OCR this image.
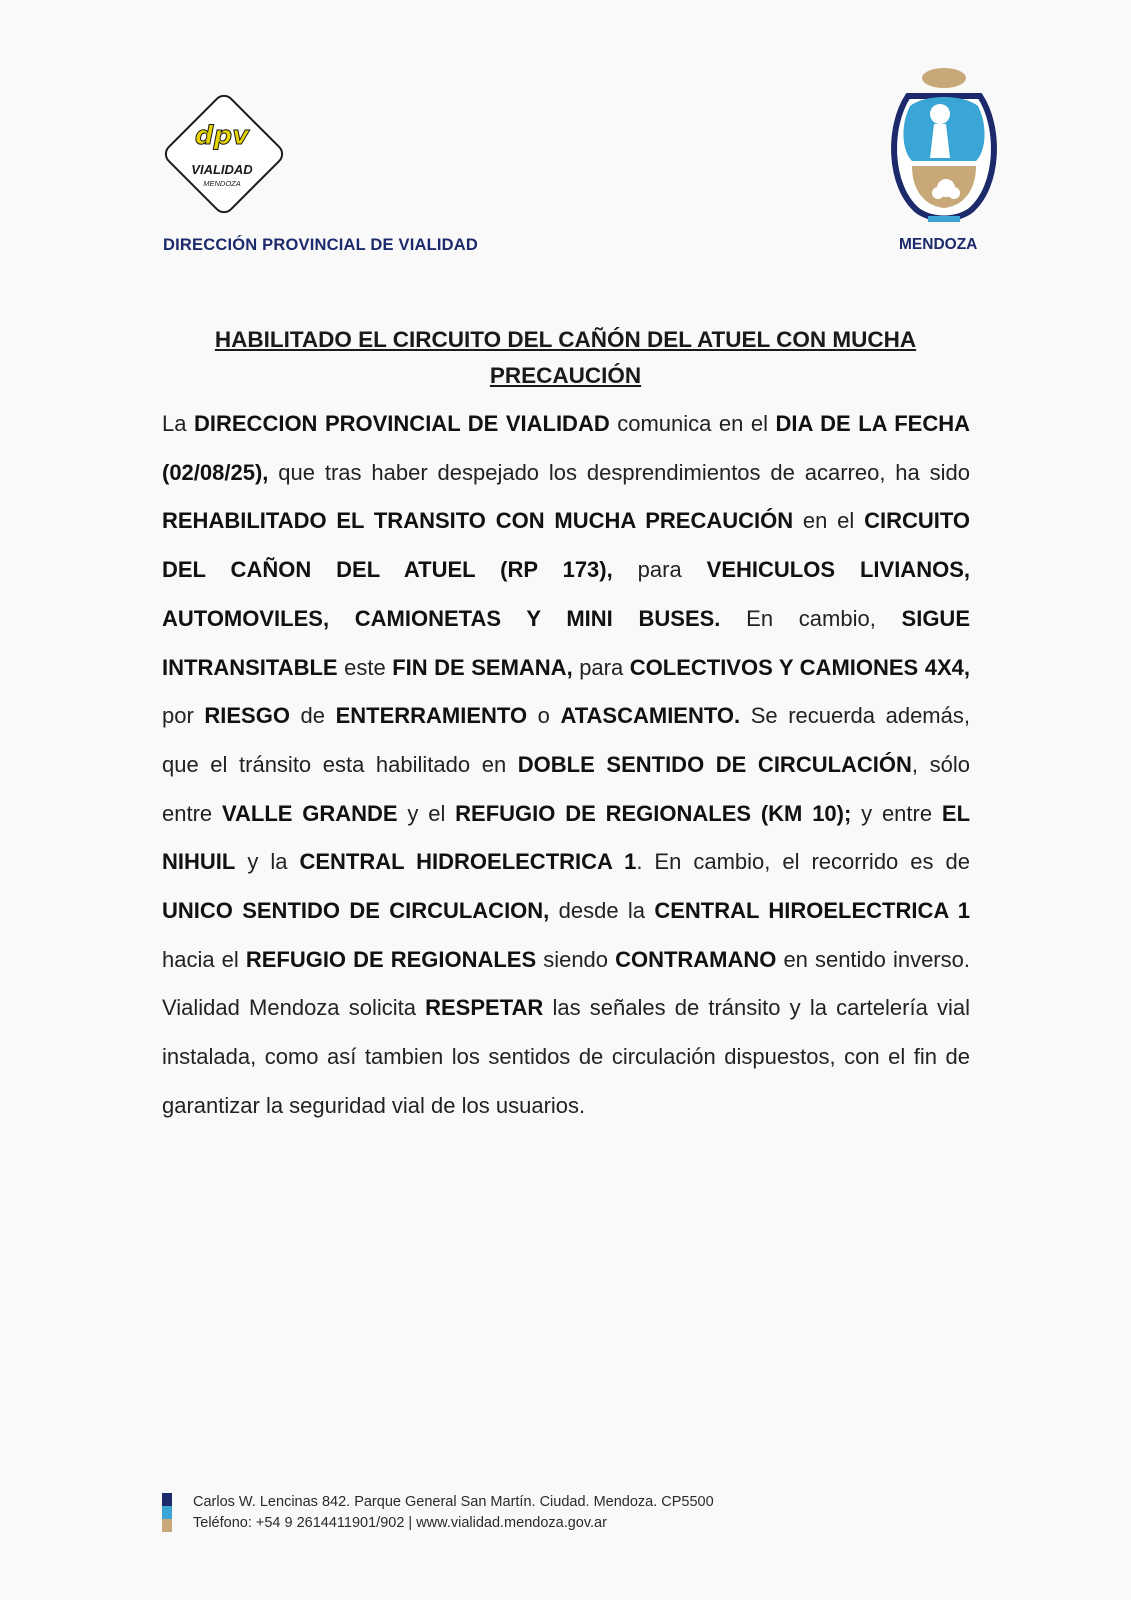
dpv
VIALIDAD
MENDOZA
DIRECCIÓN PROVINCIAL DE VIALIDAD	MENDOZA
HABILITADO EL CIRCUITO DEL CAÑÓN DEL ATUEL CON MUCHA
PRECAUCIÓN
La DIRECCION PROVINCIAL DE VIALIDAD comunica en el DIA DE LA FECHA (02/08/25), que tras haber despejado los desprendimientos de acarreo, ha sido REHABILITADO EL TRANSITO CON MUCHA PRECAUCIÓN en el CIRCUITO DEL CAÑON DEL ATUEL (RP 173), para VEHICULOS LIVIANOS, AUTOMOVILES, CAMIONETAS Y MINI BUSES. En cambio, SIGUE INTRANSITABLE este FIN DE SEMANA, para COLECTIVOS Y CAMIONES 4X4, por RIESGO de ENTERRAMIENTO o ATASCAMIENTO. Se recuerda además, que el tránsito esta habilitado en DOBLE SENTIDO DE CIRCULACIÓN, sólo entre VALLE GRANDE y el REFUGIO DE REGIONALES (KM 10); y entre EL NIHUIL y la CENTRAL HIDROELECTRICA 1. En cambio, el recorrido es de UNICO SENTIDO DE CIRCULACION, desde la CENTRAL HIROELECTRICA 1 hacia el REFUGIO DE REGIONALES siendo CONTRAMANO en sentido inverso. Vialidad Mendoza solicita RESPETAR las señales de tránsito y la cartelería vial instalada, como así tambien los sentidos de circulación dispuestos, con el fin de garantizar la seguridad vial de los usuarios.
Carlos W. Lencinas 842. Parque General San Martín. Ciudad. Mendoza. CP5500
Teléfono: +54 9 2614411901/902 | www.vialidad.mendoza.gov.ar
